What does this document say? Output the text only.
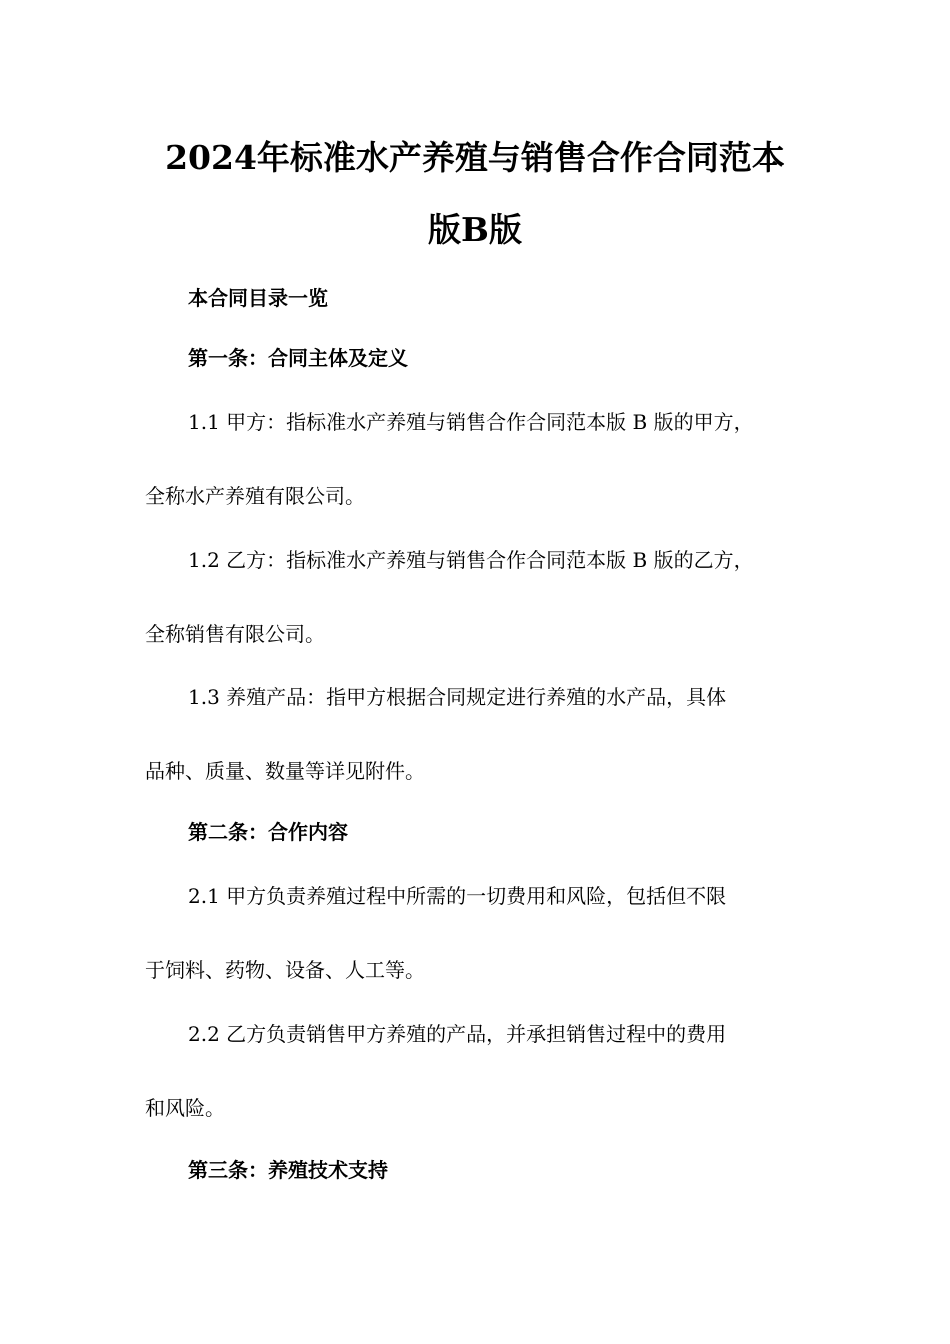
2024年标准水产养殖与销售合作合同范本
版B版
本合同目录一览
第一条：合同主体及定义
1.1 甲方：指标准水产养殖与销售合作合同范本版 B 版的甲方，
全称水产养殖有限公司。
1.2 乙方：指标准水产养殖与销售合作合同范本版 B 版的乙方，
全称销售有限公司。
1.3 养殖产品：指甲方根据合同规定进行养殖的水产品，具体
品种、质量、数量等详见附件。
第二条：合作内容
2.1 甲方负责养殖过程中所需的一切费用和风险，包括但不限
于饲料、药物、设备、人工等。
2.2 乙方负责销售甲方养殖的产品，并承担销售过程中的费用
和风险。
第三条：养殖技术支持
